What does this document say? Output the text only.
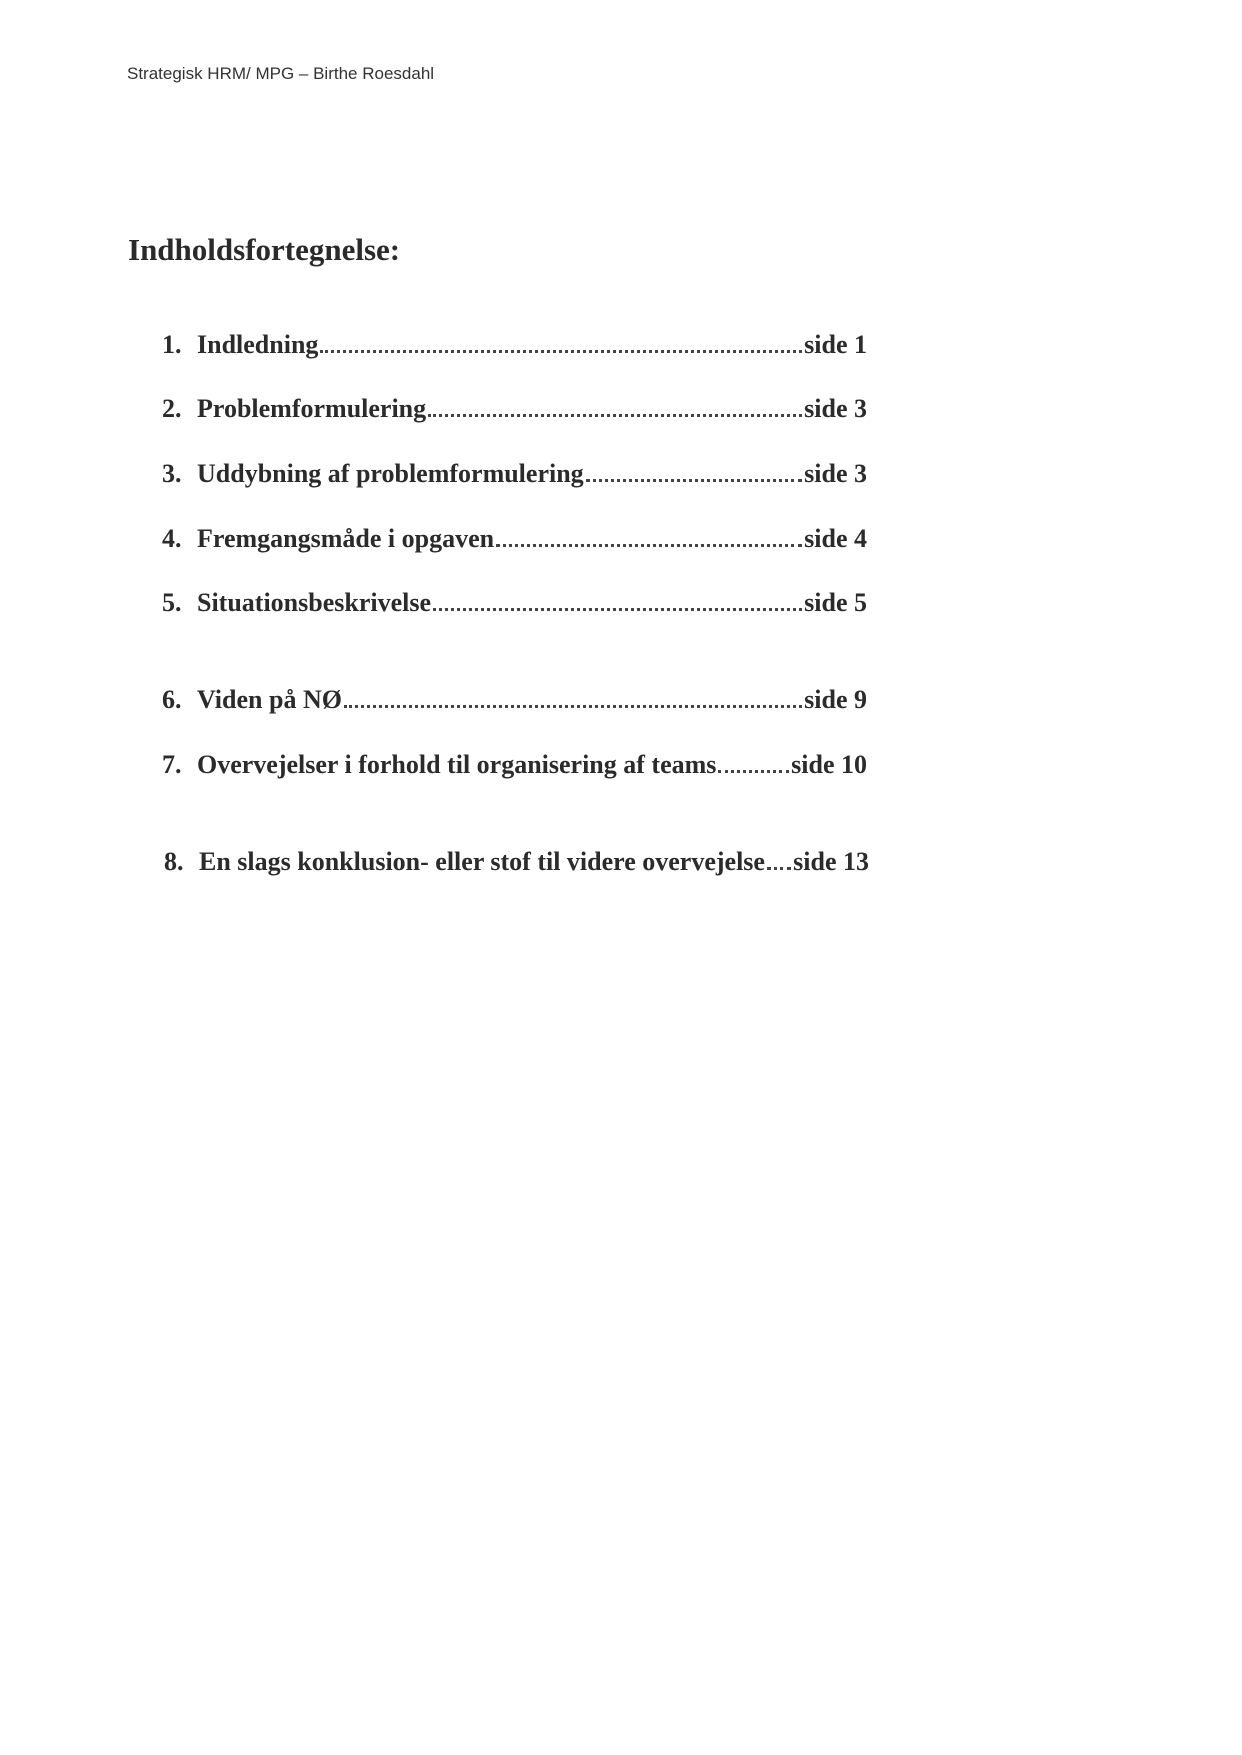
Strategisk HRM/ MPG – Birthe Roesdahl
Indholdsfortegnelse:
1. Indledning	side 1
2. Problemformulering	side 3
3. Uddybning af problemformulering	side 3
4. Fremgangsmåde i opgaven	side 4
5. Situationsbeskrivelse	side 5
6. Viden på NØ	side 9
7. Overvejelser i forhold til organisering af teams	side 10
8. En slags konklusion- eller stof til videre overvejelse side 13
